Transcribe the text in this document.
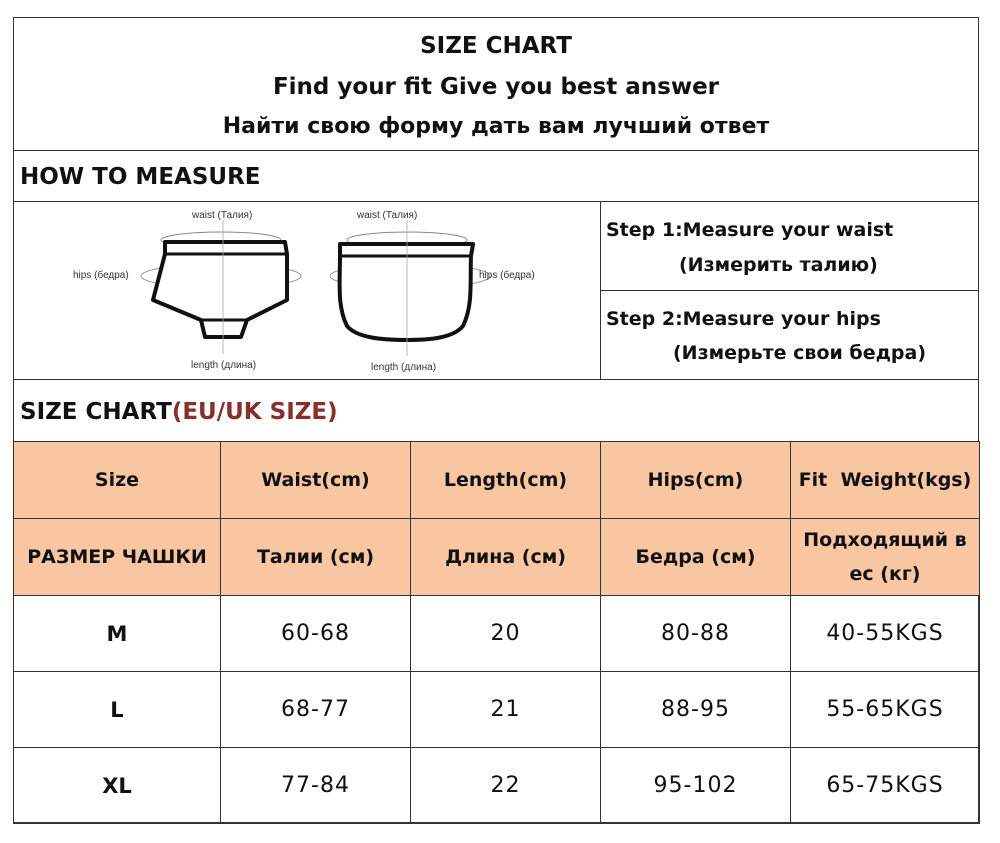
SIZE CHART
Find your fit Give you best answer
Найти свою форму дать вам лучший ответ
HOW TO MEASURE
waist (Талия)
hips (бедра)
length (длина)
waist (Талия)
hips (бедра)
length (длина)
Step 1:Measure your waist
(Измерить талию)
Step 2:Measure your hips
(Измерьте свои бедра)
SIZE CHART(EU/UK SIZE)
Size	Waist(cm)	Length(cm)	Hips(cm)	Fit  Weight(kgs)
РАЗМЕР ЧАШКИ	Талии (см)	Длина (см)	Бедра (см)	Подходящий в ес (кг)
M	60-68	20	80-88	40-55KGS
L	68-77	21	88-95	55-65KGS
XL	77-84	22	95-102	65-75KGS
